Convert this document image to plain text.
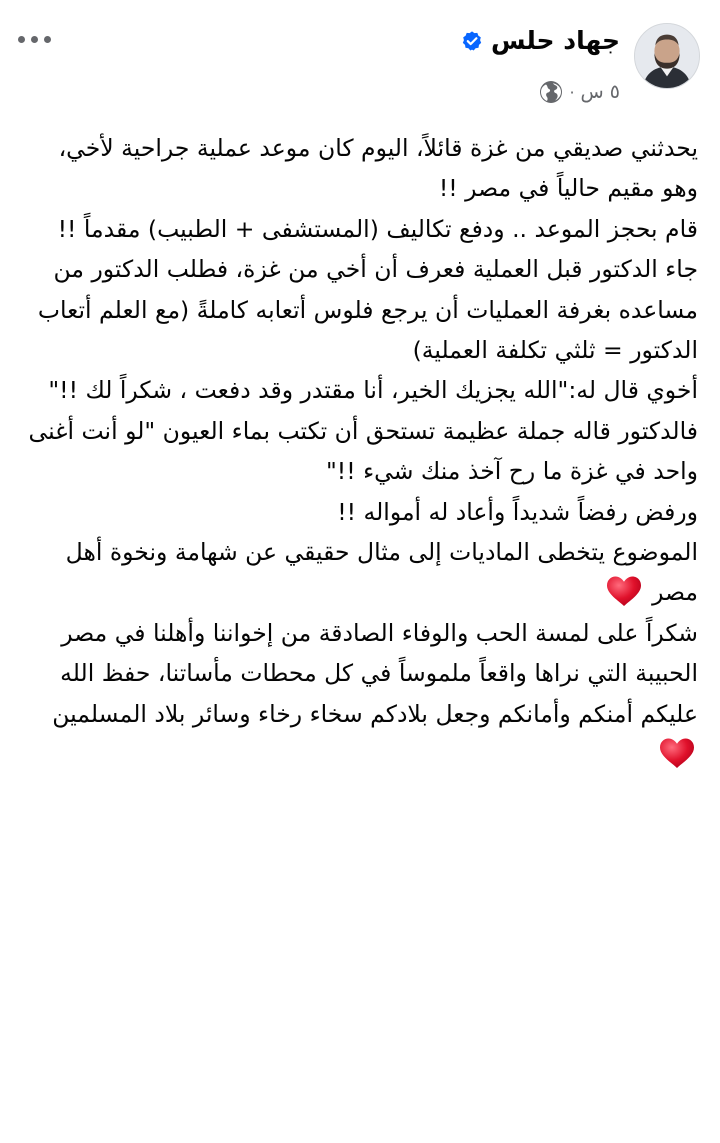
جهاد حلس
٥ س
·

يحدثني صديقي من غزة قائلاً، اليوم كان موعد عملية جراحية لأخي، وهو مقيم حالياً في مصر !!

قام بحجز الموعد .. ودفع تكاليف (المستشفى + الطبيب) مقدماً !!

جاء الدكتور قبل العملية فعرف أن أخي من غزة، فطلب الدكتور من مساعده بغرفة العمليات أن يرجع فلوس أتعابه كاملةً (مع العلم أتعاب الدكتور = ثلثي تكلفة العملية)

أخوي قال له:"الله يجزيك الخير، أنا مقتدر وقد دفعت ، شكراً لك !!"

فالدكتور قاله جملة عظيمة تستحق أن تكتب بماء العيون "لو أنت أغنى واحد في غزة ما رح آخذ منك شيء !!"

ورفض رفضاً شديداً وأعاد له أمواله !!

الموضوع يتخطى الماديات إلى مثال حقيقي عن شهامة ونخوة أهل مصر

شكراً على لمسة الحب والوفاء الصادقة من إخواننا وأهلنا في مصر الحبيبة التي نراها واقعاً ملموساً في كل محطات مأساتنا، حفظ الله عليكم أمنكم وأمانكم وجعل بلادكم سخاء رخاء وسائر بلاد المسلمين
